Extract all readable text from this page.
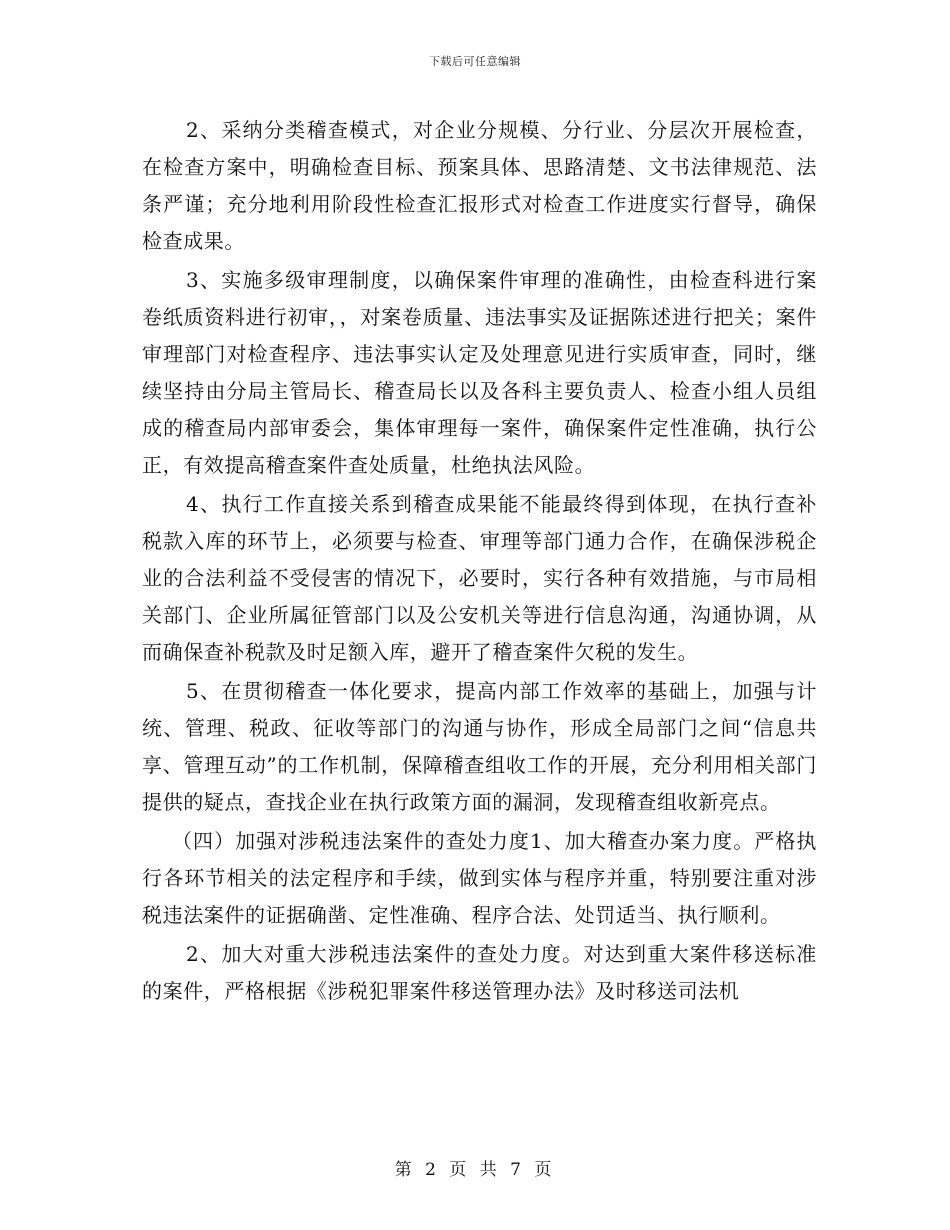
下载后可任意编辑

2、采纳分类稽查模式，对企业分规模、分行业、分层次开展检查，在检查方案中，明确检查目标、预案具体、思路清楚、文书法律规范、法条严谨；充分地利用阶段性检查汇报形式对检查工作进度实行督导，确保检查成果。

3、实施多级审理制度，以确保案件审理的准确性，由检查科进行案卷纸质资料进行初审，，对案卷质量、违法事实及证据陈述进行把关；案件审理部门对检查程序、违法事实认定及处理意见进行实质审查，同时，继续坚持由分局主管局长、稽查局长以及各科主要负责人、检查小组人员组成的稽查局内部审委会，集体审理每一案件，确保案件定性准确，执行公正，有效提高稽查案件查处质量，杜绝执法风险。

4、执行工作直接关系到稽查成果能不能最终得到体现，在执行查补税款入库的环节上，必须要与检查、审理等部门通力合作，在确保涉税企业的合法利益不受侵害的情况下，必要时，实行各种有效措施，与市局相关部门、企业所属征管部门以及公安机关等进行信息沟通，沟通协调，从而确保查补税款及时足额入库，避开了稽查案件欠税的发生。

5、在贯彻稽查一体化要求，提高内部工作效率的基础上，加强与计统、管理、税政、征收等部门的沟通与协作，形成全局部门之间“信息共享、管理互动”的工作机制，保障稽查组收工作的开展，充分利用相关部门提供的疑点，查找企业在执行政策方面的漏洞，发现稽查组收新亮点。

（四）加强对涉税违法案件的查处力度1、加大稽查办案力度。严格执行各环节相关的法定程序和手续，做到实体与程序并重，特别要注重对涉税违法案件的证据确凿、定性准确、程序合法、处罚适当、执行顺利。

2、加大对重大涉税违法案件的查处力度。对达到重大案件移送标准的案件，严格根据《涉税犯罪案件移送管理办法》及时移送司法机

第 2 页 共 7 页
